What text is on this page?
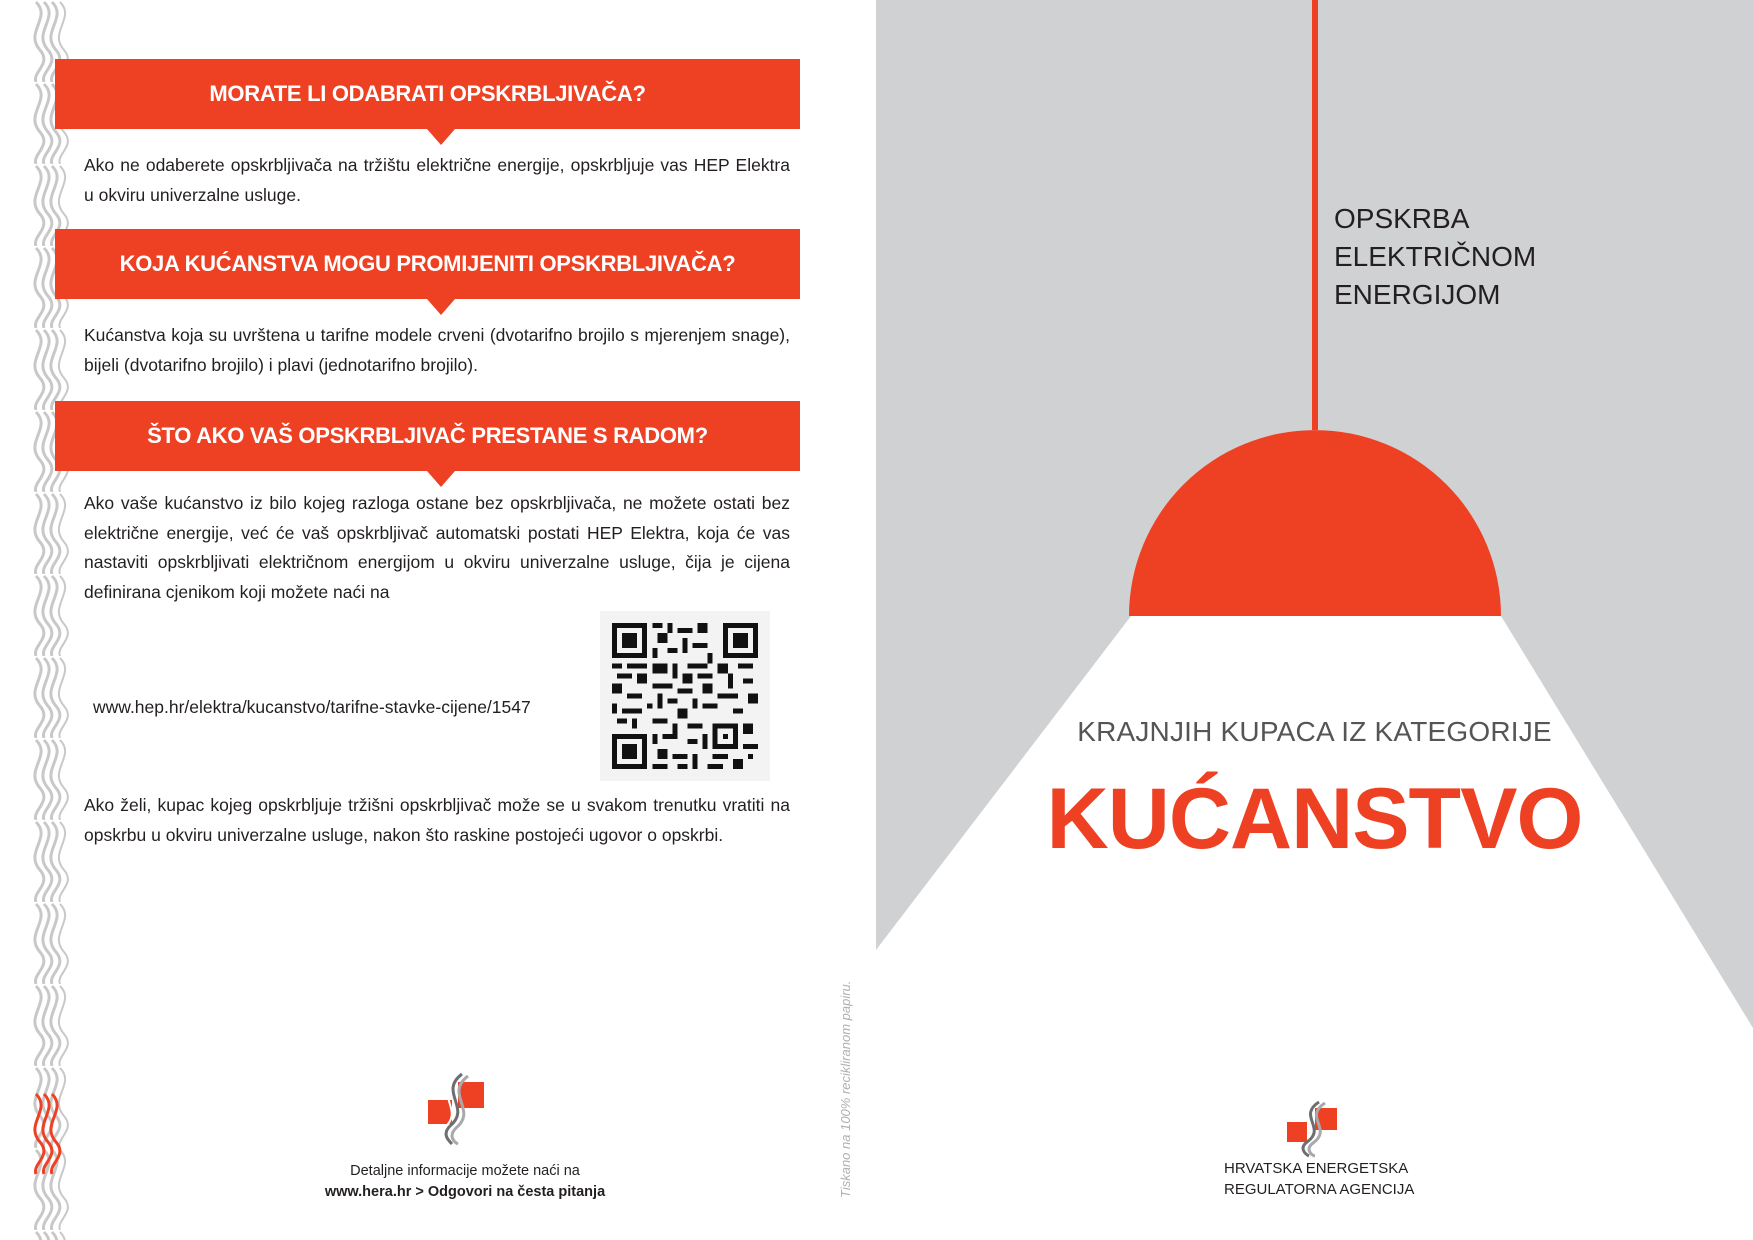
MORATE LI ODABRATI OPSKRBLJIVAČA?

Ako ne odaberete opskrbljivača na tržištu električne energije, opskrbljuje vas HEP Elektra u okviru univerzalne usluge.

KOJA KUĆANSTVA MOGU PROMIJENITI OPSKRBLJIVAČA?

Kućanstva koja su uvrštena u tarifne modele crveni (dvotarifno brojilo s mjerenjem snage), bijeli (dvotarifno brojilo) i plavi (jednotarifno brojilo).

ŠTO AKO VAŠ OPSKRBLJIVAČ PRESTANE S RADOM?

Ako vaše kućanstvo iz bilo kojeg razloga ostane bez opskrbljivača, ne možete ostati bez električne energije, već će vaš opskrbljivač automatski postati HEP Elektra, koja će vas nastaviti opskrbljivati električnom energijom u okviru univerzalne usluge, čija je cijena definirana cjenikom koji možete naći na

www.hep.hr/elektra/kucanstvo/tarifne-stavke-cijene/1547

Ako želi, kupac kojeg opskrbljuje tržišni opskrbljivač može se u svakom trenutku vratiti na opskrbu u okviru univerzalne usluge, nakon što raskine postojeći ugovor o opskrbi.

Detaljne informacije možete naći na
www.hera.hr > Odgovori na česta pitanja	Tiskano na 100% recikliranom papiru.
OPSKRBA
ELEKTRIČNOM
ENERGIJOM
KRAJNJIH KUPACA IZ KATEGORIJE
KUĆANSTVO
HRVATSKA ENERGETSKA
REGULATORNA AGENCIJA
